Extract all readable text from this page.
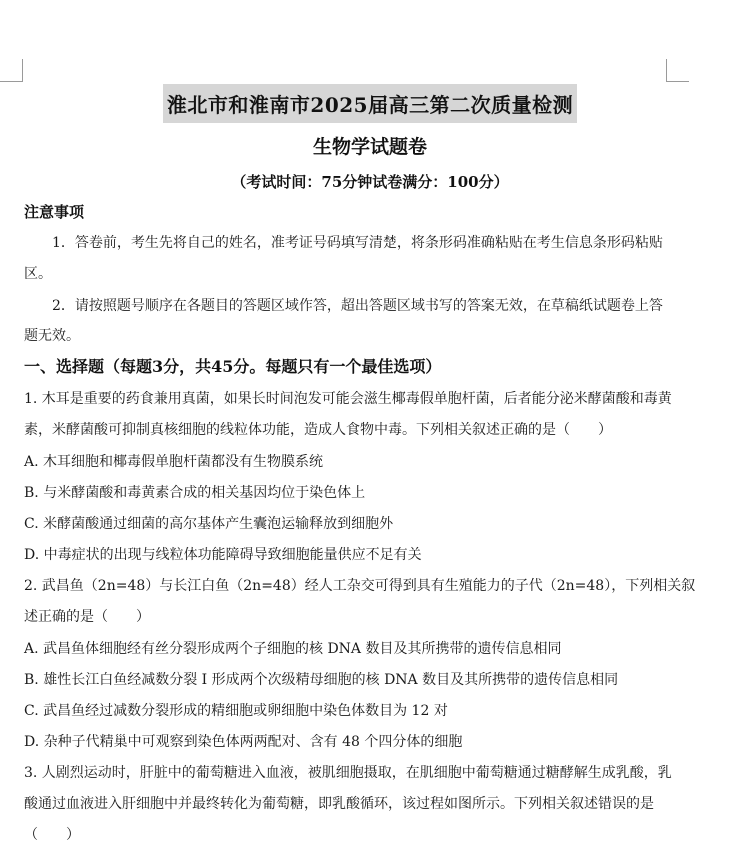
淮北市和淮南市2025届高三第二次质量检测
生物学试题卷
（考试时间：75分钟试卷满分：100分）
注意事项
1．答卷前，考生先将自己的姓名，准考证号码填写清楚，将条形码准确粘贴在考生信息条形码粘贴
区。
2．请按照题号顺序在各题目的答题区域作答，超出答题区域书写的答案无效，在草稿纸试题卷上答
题无效。
一、选择题（每题3分，共45分。每题只有一个最佳选项）
1. 木耳是重要的药食兼用真菌，如果长时间泡发可能会滋生椰毒假单胞杆菌，后者能分泌米酵菌酸和毒黄
素，米酵菌酸可抑制真核细胞的线粒体功能，造成人食物中毒。下列相关叙述正确的是（　　）
A. 木耳细胞和椰毒假单胞杆菌都没有生物膜系统
B. 与米酵菌酸和毒黄素合成的相关基因均位于染色体上
C. 米酵菌酸通过细菌的高尔基体产生囊泡运输释放到细胞外
D. 中毒症状的出现与线粒体功能障碍导致细胞能量供应不足有关
2. 武昌鱼（2n=48）与长江白鱼（2n=48）经人工杂交可得到具有生殖能力的子代（2n=48），下列相关叙
述正确的是（　　）
A. 武昌鱼体细胞经有丝分裂形成两个子细胞的核 DNA 数目及其所携带的遗传信息相同
B. 雄性长江白鱼经减数分裂 I 形成两个次级精母细胞的核 DNA 数目及其所携带的遗传信息相同
C. 武昌鱼经过减数分裂形成的精细胞或卵细胞中染色体数目为 12 对
D. 杂种子代精巢中可观察到染色体两两配对、含有 48 个四分体的细胞
3. 人剧烈运动时，肝脏中的葡萄糖进入血液，被肌细胞摄取，在肌细胞中葡萄糖通过糖酵解生成乳酸，乳
酸通过血液进入肝细胞中并最终转化为葡萄糖，即乳酸循环，该过程如图所示。下列相关叙述错误的是
（　　）
